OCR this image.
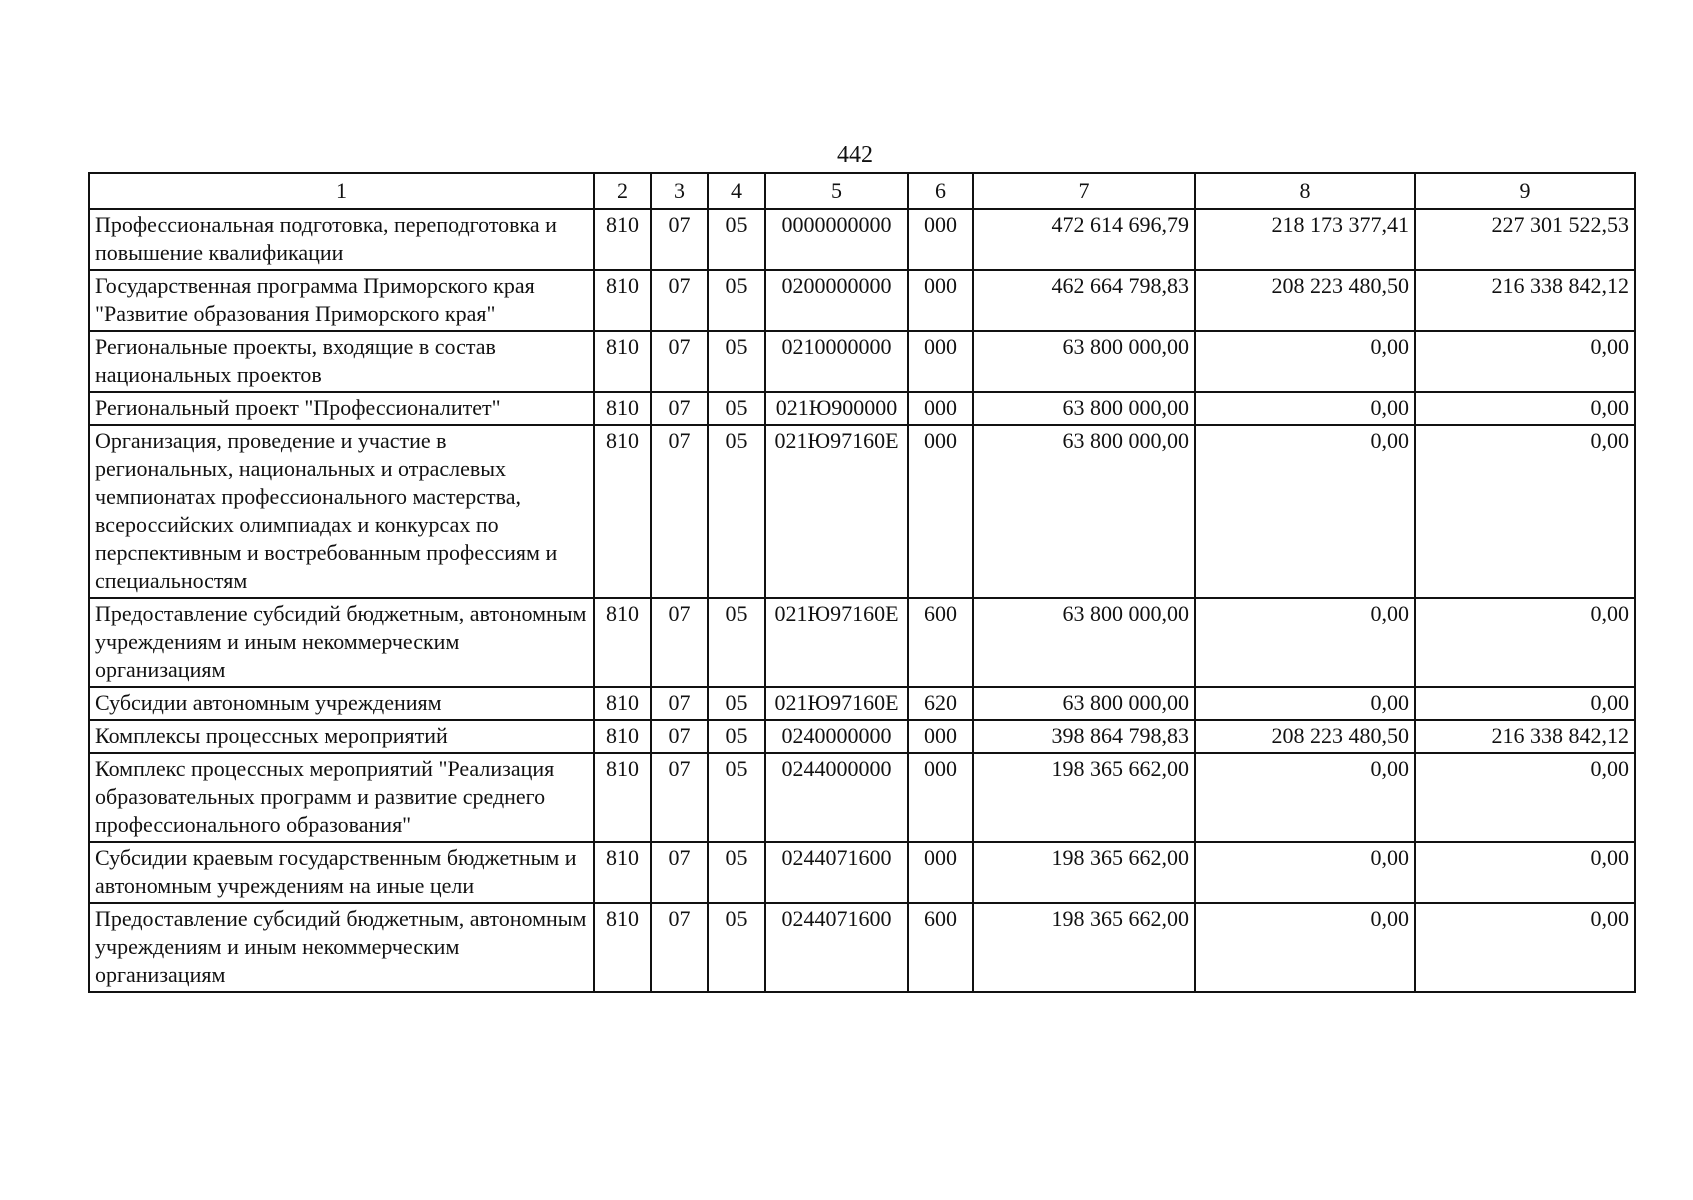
442
1	2	3	4	5	6	7	8	9
Профессиональная подготовка, переподготовка и повышение квалификации	810	07	05	0000000000	000	472 614 696,79	218 173 377,41	227 301 522,53
Государственная программа Приморского края "Развитие образования Приморского края"	810	07	05	0200000000	000	462 664 798,83	208 223 480,50	216 338 842,12
Региональные проекты, входящие в состав национальных проектов	810	07	05	0210000000	000	63 800 000,00	0,00	0,00
Региональный проект "Профессионалитет"	810	07	05	021Ю900000	000	63 800 000,00	0,00	0,00
Организация, проведение и участие в региональных, национальных и отраслевых чемпионатах профессионального мастерства, всероссийских олимпиадах и конкурсах по перспективным и востребованным профессиям и специальностям	810	07	05	021Ю97160Е	000	63 800 000,00	0,00	0,00
Предоставление субсидий бюджетным, автономным учреждениям и иным некоммерческим организациям	810	07	05	021Ю97160Е	600	63 800 000,00	0,00	0,00
Субсидии автономным учреждениям	810	07	05	021Ю97160Е	620	63 800 000,00	0,00	0,00
Комплексы процессных мероприятий	810	07	05	0240000000	000	398 864 798,83	208 223 480,50	216 338 842,12
Комплекс процессных мероприятий "Реализация образовательных программ и развитие среднего профессионального образования"	810	07	05	0244000000	000	198 365 662,00	0,00	0,00
Субсидии краевым государственным бюджетным и автономным учреждениям на иные цели	810	07	05	0244071600	000	198 365 662,00	0,00	0,00
Предоставление субсидий бюджетным, автономным учреждениям и иным некоммерческим организациям	810	07	05	0244071600	600	198 365 662,00	0,00	0,00
